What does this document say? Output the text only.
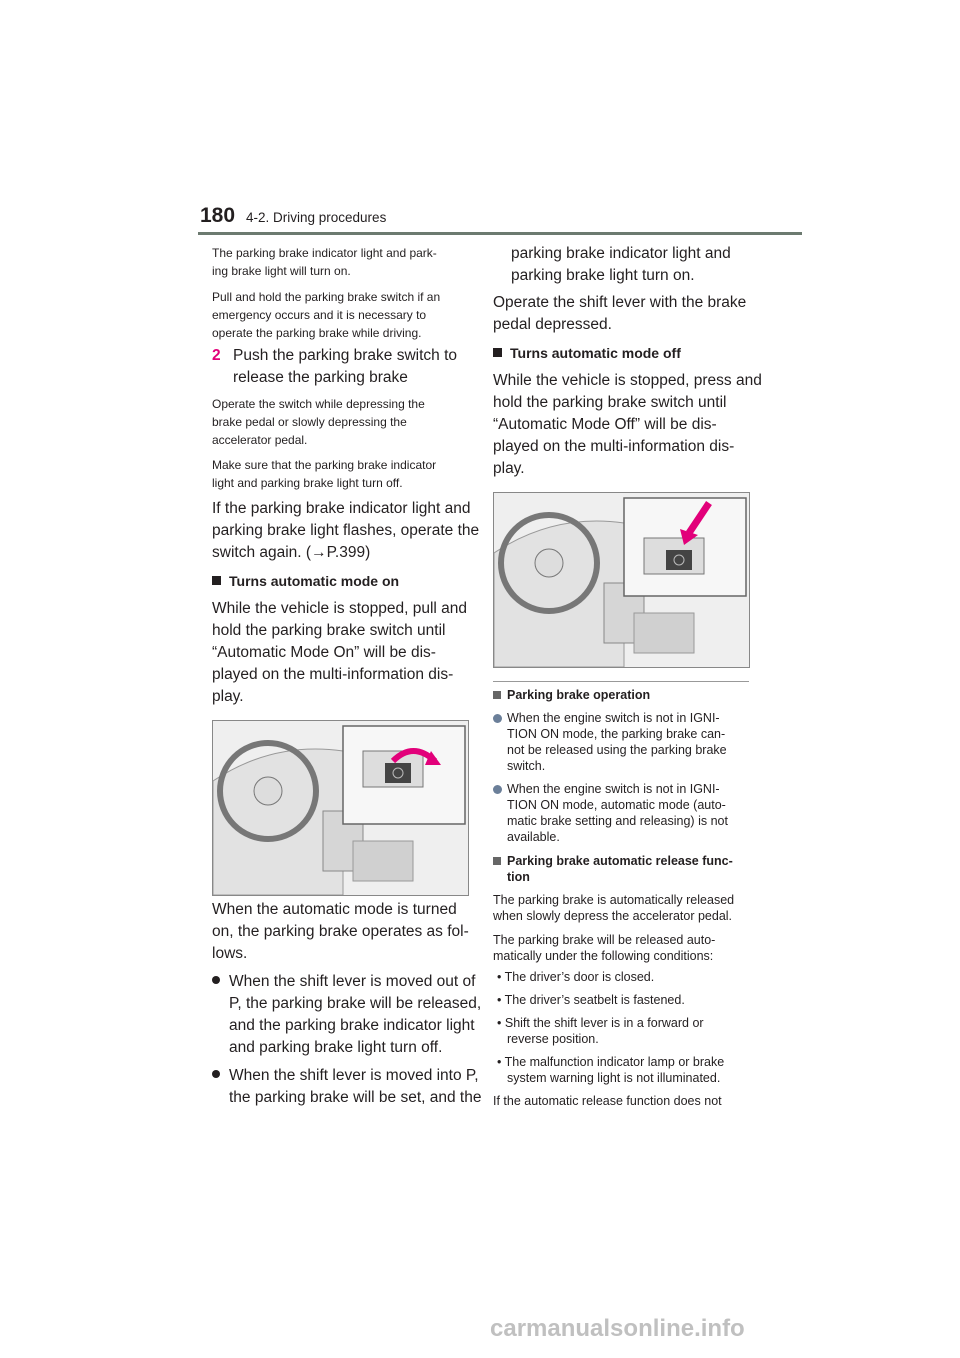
180 4-2. Driving procedures
The parking brake indicator light and park-
ing brake light will turn on.
Pull and hold the parking brake switch if an
emergency occurs and it is necessary to
operate the parking brake while driving.
2 Push the parking brake switch to
release the parking brake
Operate the switch while depressing the
brake pedal or slowly depressing the
accelerator pedal.
Make sure that the parking brake indicator
light and parking brake light turn off.
If the parking brake indicator light and
parking brake light flashes, operate the
switch again. (→P.399)
Turns automatic mode on
While the vehicle is stopped, pull and
hold the parking brake switch until
“Automatic Mode On” will be dis-
played on the multi-information dis-
play.
When the automatic mode is turned
on, the parking brake operates as fol-
lows.
When the shift lever is moved out of
P, the parking brake will be released,
and the parking brake indicator light
and parking brake light turn off.
When the shift lever is moved into P,
the parking brake will be set, and the
parking brake indicator light and
parking brake light turn on.
Operate the shift lever with the brake
pedal depressed.
Turns automatic mode off
While the vehicle is stopped, press and
hold the parking brake switch until
“Automatic Mode Off” will be dis-
played on the multi-information dis-
play.
Parking brake operation
When the engine switch is not in IGNI-
TION ON mode, the parking brake can-
not be released using the parking brake
switch.
When the engine switch is not in IGNI-
TION ON mode, automatic mode (auto-
matic brake setting and releasing) is not
available.
Parking brake automatic release func-
tion
The parking brake is automatically released
when slowly depress the accelerator pedal.
The parking brake will be released auto-
matically under the following conditions:
• The driver’s door is closed.
• The driver’s seatbelt is fastened.
• Shift the shift lever is in a forward or
reverse position.
• The malfunction indicator lamp or brake
system warning light is not illuminated.
If the automatic release function does not
carmanualsonline.info
